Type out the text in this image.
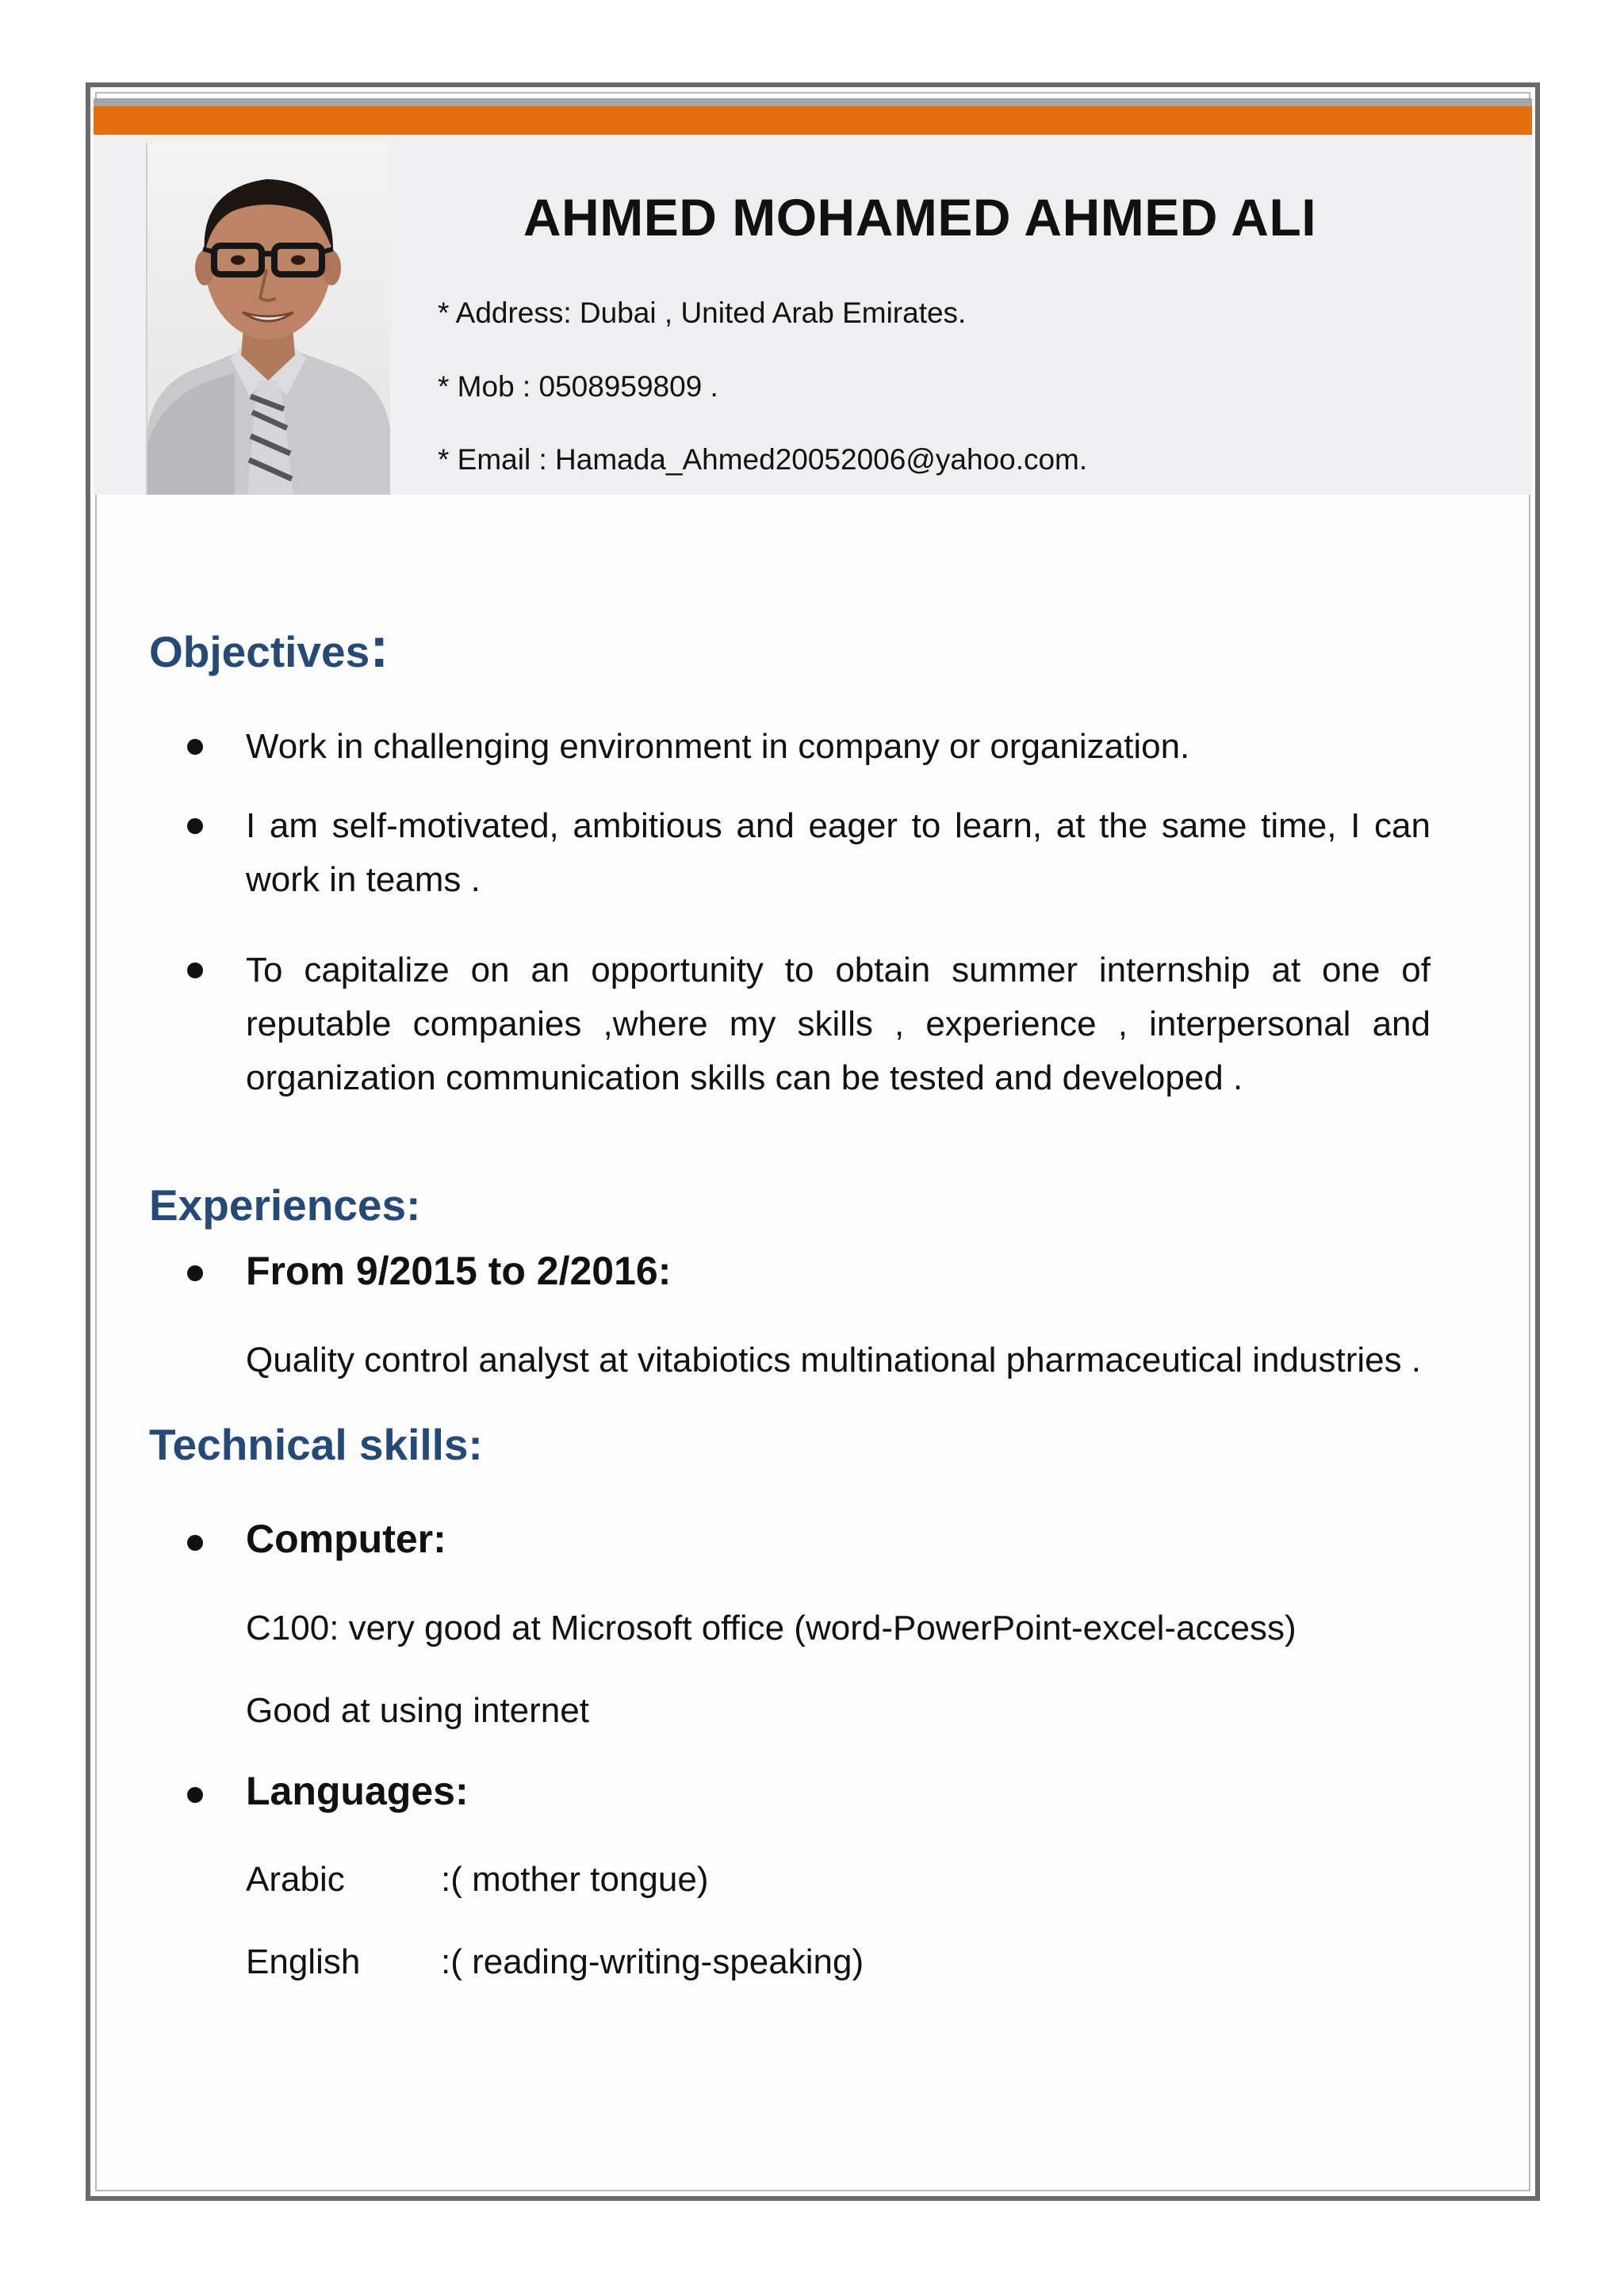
AHMED MOHAMED AHMED ALI
* Address: Dubai , United Arab Emirates.
* Mob : 0508959809 .
* Email : Hamada_Ahmed20052006@yahoo.com.
Objectives:
Work in challenging environment in company or organization.
I am self-motivated, ambitious and eager to learn, at the same time, I can work in teams .
To capitalize on an opportunity to obtain summer internship at one of reputable companies ,where my skills , experience , interpersonal and organization communication skills can be tested and developed .
Experiences:
From 9/2015 to 2/2016:
Quality control analyst at vitabiotics multinational pharmaceutical industries .
Technical skills:
Computer:
C100: very good at Microsoft office (word-PowerPoint-excel-access)
Good at using internet
Languages:
Arabic	:( mother tongue)
English :( reading-writing-speaking)
